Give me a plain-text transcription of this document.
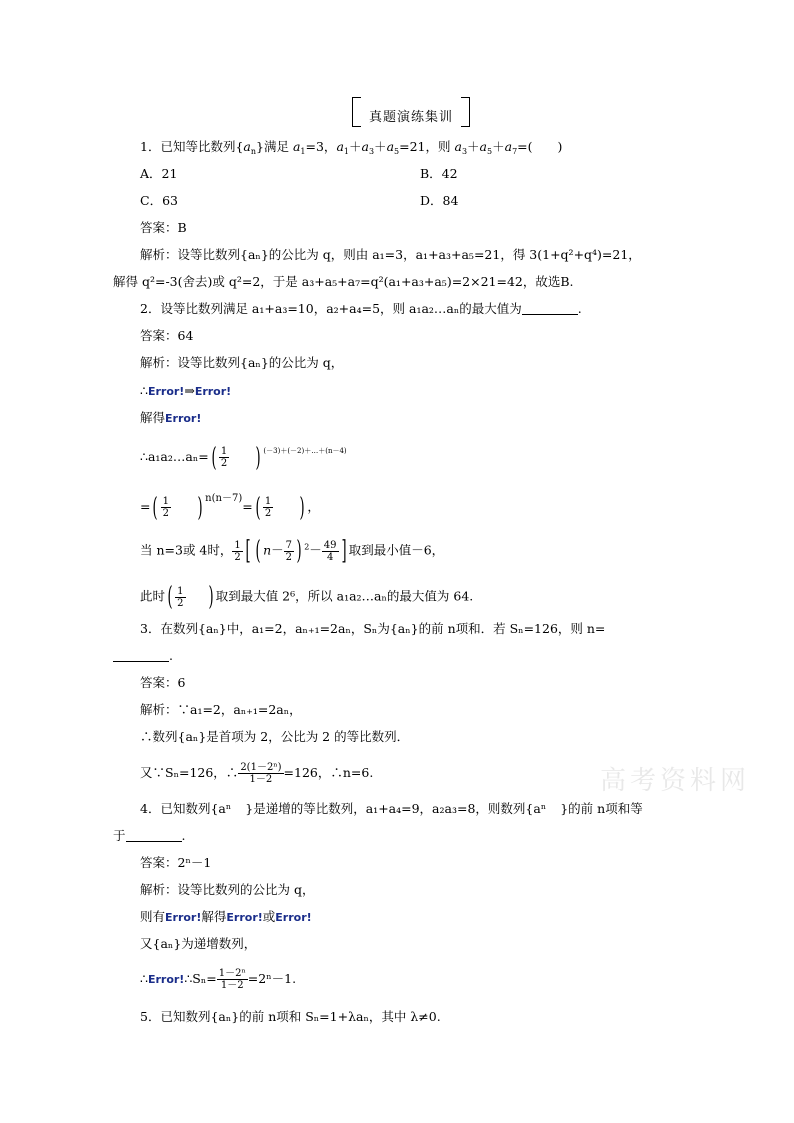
真题演练集训
1．已知等比数列$\{a_n\}$满足 $a_1=3$，$a_1+a_3+a_5=21$，则 $a_3+a_5+a_7=$(　　)
A．21	B．42
C．63	D．84
答案：B
解析：设等比数列{aₙ}的公比为 q，则由 a₁=3，a₁+a₃+a₅=21，得 3(1+q²+q⁴)=21，
解得 q²=-3(舍去)或 q²=2，于是 a₃+a₅+a₇=q²(a₁+a₃+a₅)=2×21=42，故选B.
2．设等比数列满足 a₁+a₃=10，a₂+a₄=5，则 a₁a₂…aₙ的最大值为	.
答案：64
解析：设等比数列{aₙ}的公比为 q，
∴Error!⇒Error!
解得Error!
∴a₁a₂…aₙ=( $\frac{1}{2}$ ) $^{(-3)+(-2)+\dots+(n-4)}$
=( $\frac{1}{2}$ ) $^{n(n-7)}=( \frac{1}{2}$ ) ，
当 n=3或 4时， $\frac{1}{2}$ [ ( $n- \frac{7}{2}$ ) $^2- \frac{49}{4}$ ] 取到最小值－6，
此时( $\frac{1}{2}$ ) 取到最大值 2⁶，所以 a₁a₂…aₙ的最大值为 64.
3．在数列{aₙ}中，a₁=2，aₙ₊₁=2aₙ，Sₙ为{aₙ}的前 n项和．若 Sₙ=126，则 n=
.
答案：6
解析：∵a₁=2，aₙ₊₁=2aₙ，
∴数列{aₙ}是首项为 2，公比为 2 的等比数列．
又∵Sₙ=126，∴ $\frac{\text{2(1－2ⁿ)}}{1-2} =126$，∴n=6.
4．已知数列{aⁿ }是递增的等比数列，a₁+a₄=9，a₂a₃=8，则数列{aⁿ }的前 n项和等
于	.
答案：2ⁿ－1
解析：设等比数列的公比为 q，
则有Error!解得Error!或Error!
又{aₙ}为递增数列，
∴Error!∴Sₙ= $\frac{\text{1－2ⁿ}}{1-2} =2^n-1$.
5．已知数列{aₙ}的前 n项和 Sₙ=1+λaₙ，其中 λ≠0.
高考资料网
